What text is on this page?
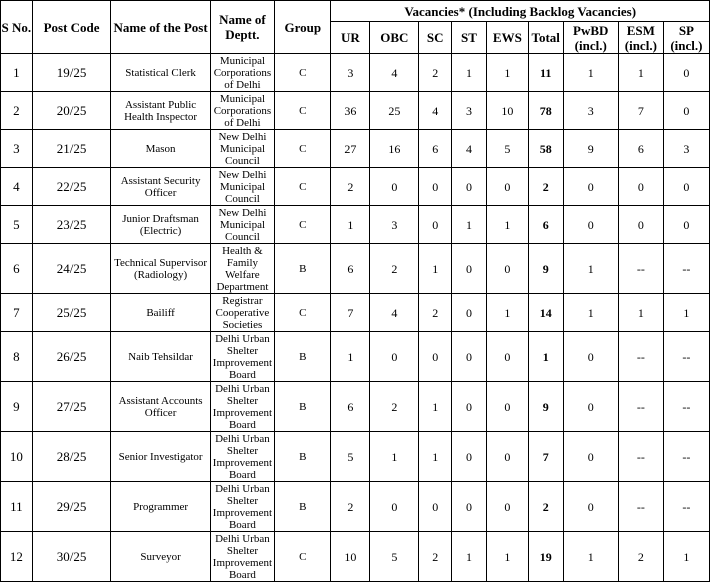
S No.	Post Code	Name of the Post	Name of Deptt.	Group	Vacancies* (Including Backlog Vacancies)								
					UR	OBC	SC	ST	EWS	Total	PwBD (incl.)	ESM (incl.)	SP (incl.)
1	19/25	Statistical Clerk	Municipal Corporations of Delhi	C	3	4	2	1	1	11	1	1	0
2	20/25	Assistant Public Health Inspector	Municipal Corporations of Delhi	C	36	25	4	3	10	78	3	7	0
3	21/25	Mason	New Delhi Municipal Council	C	27	16	6	4	5	58	9	6	3
4	22/25	Assistant Security Officer	New Delhi Municipal Council	C	2	0	0	0	0	2	0	0	0
5	23/25	Junior Draftsman (Electric)	New Delhi Municipal Council	C	1	3	0	1	1	6	0	0	0
6	24/25	Technical Supervisor (Radiology)	Health & Family Welfare Department	B	6	2	1	0	0	9	1	--	--
7	25/25	Bailiff	Registrar Cooperative Societies	C	7	4	2	0	1	14	1	1	1
8	26/25	Naib Tehsildar	Delhi Urban Shelter Improvement Board	B	1	0	0	0	0	1	0	--	--
9	27/25	Assistant Accounts Officer	Delhi Urban Shelter Improvement Board	B	6	2	1	0	0	9	0	--	--
10	28/25	Senior Investigator	Delhi Urban Shelter Improvement Board	B	5	1	1	0	0	7	0	--	--
11	29/25	Programmer	Delhi Urban Shelter Improvement Board	B	2	0	0	0	0	2	0	--	--
12	30/25	Surveyor	Delhi Urban Shelter Improvement Board	C	10	5	2	1	1	19	1	2	1
